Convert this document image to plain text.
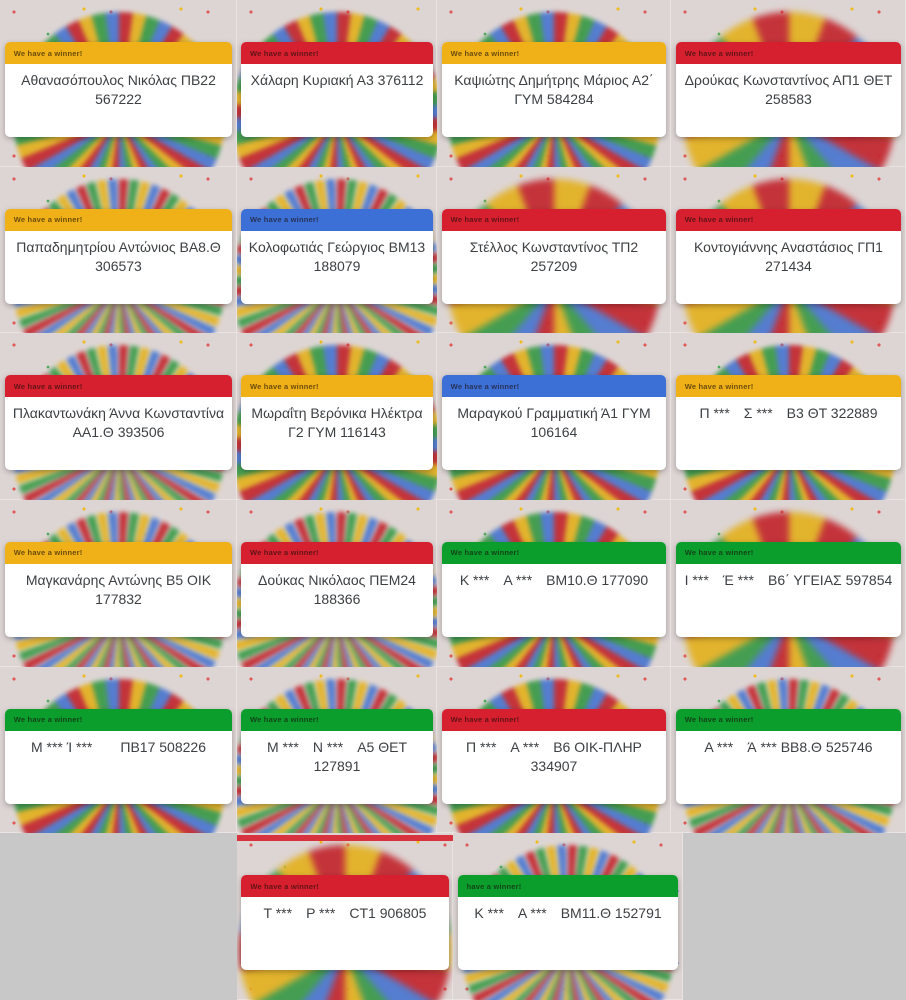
We have a winner!
Αθανασόπουλος Νικόλας ΠΒ22 567222
We have a winner!
Χάλαρη Κυριακή Α3 376112
We have a winner!
Καψιώτης Δημήτρης Μάριος Α2΄ ΓΥΜ 584284
We have a winner!
Δρούκας Κωνσταντίνος ΑΠ1 ΘΕΤ 258583
We have a winner!
Παπαδημητρίου Αντώνιος ΒΑ8.Θ 306573
We have a winner!
Κολοφωτιάς Γεώργιος ΒΜ13 188079
We have a winner!
Στέλλος Κωνσταντίνος ΤΠ2 257209
We have a winner!
Κοντογιάννης Αναστάσιος ΓΠ1 271434
We have a winner!
Πλακαντωνάκη Άννα Κωνσταντίνα ΑΑ1.Θ 393506
We have a winner!
Μωραΐτη Βερόνικα Ηλέκτρα Γ2 ΓΥΜ 116143
We have a winner!
Μαραγκού Γραμματική Ά1 ΓΥΜ 106164
We have a winner!
Π *** Σ *** Β3 ΘΤ 322889
We have a winner!
Μαγκανάρης Αντώνης Β5 ΟΙΚ 177832
We have a winner!
Δούκας Νικόλαος ΠΕΜ24 188366
We have a winner!
Κ *** Α *** ΒΜ10.Θ 177090
We have a winner!
Ι *** Έ *** Β6΄ ΥΓΕΙΑΣ 597854
We have a winner!
Μ *** Ί ***  ΠΒ17 508226
We have a winner!
Μ *** Ν *** Α5 ΘΕΤ 127891
We have a winner!
Π *** Α *** Β6 ΟΙΚ-ΠΛΗΡ 334907
We have a winner!
Α *** Ά *** ΒΒ8.Θ 525746
We have a winner!
Τ *** Ρ *** CT1 906805
have a winner!
Κ *** Α *** ΒΜ11.Θ 152791
